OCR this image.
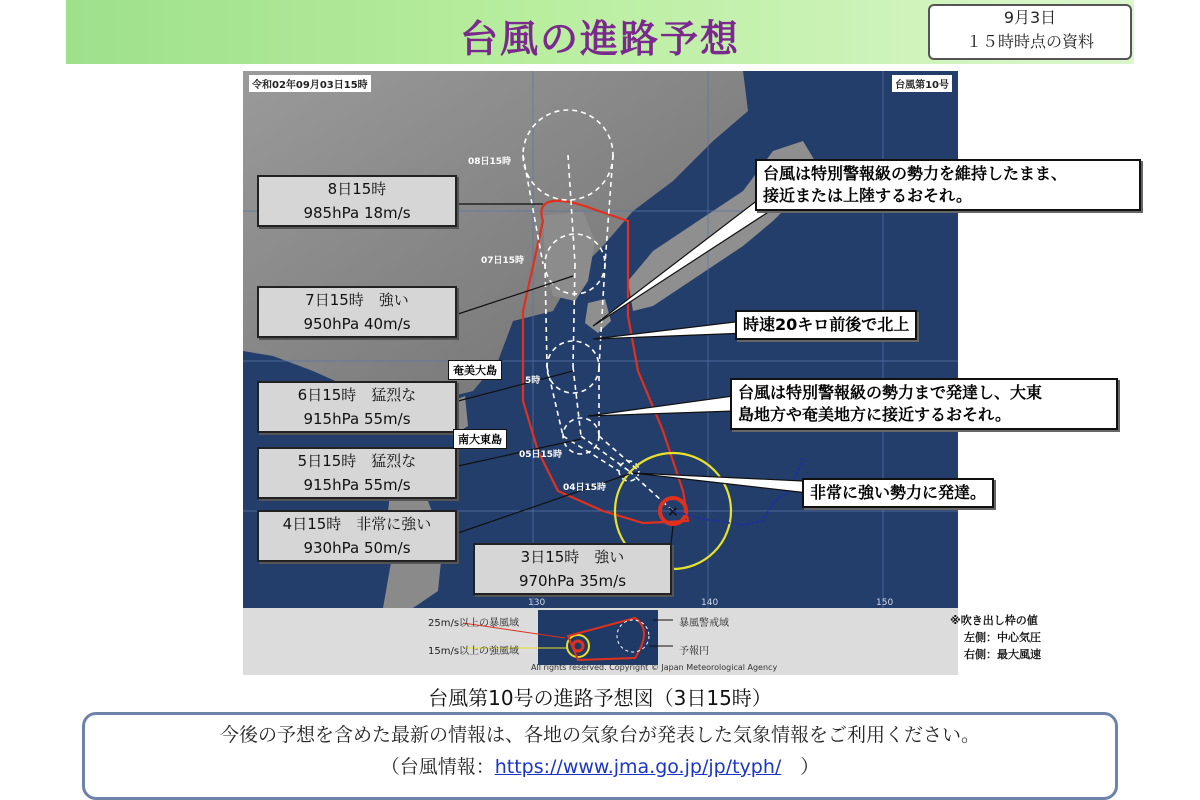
台風の進路予想	9月3日
１５時時点の資料
×
130	140	150
令和02年09月03日15時	台風第10号
08日15時
07日15時
5時
05日15時
04日15時
8日15時
985hPa 18m/s
7日15時　強い
950hPa 40m/s
6日15時　猛烈な
915hPa 55m/s
5日15時　猛烈な
915hPa 55m/s
4日15時　非常に強い
930hPa 50m/s	3日15時　強い
970hPa 35m/s
奄美大島
南大東島
台風は特別警報級の勢力を維持したまま、
接近または上陸するおそれ。
時速20キロ前後で北上
台風は特別警報級の勢力まで発達し、大東
島地方や奄美地方に接近するおそれ。
非常に強い勢力に発達。
25m/s以上の暴風域
15m/s以上の強風域
暴風警戒域
予報円
All rights reserved. Copyright © Japan Meteorological Agency
※吹き出し枠の値
左側：中心気圧
右側：最大風速
台風第10号の進路予想図（3日15時）
今後の予想を含めた最新の情報は、各地の気象台が発表した気象情報をご利用ください。
（台風情報：https://www.jma.go.jp/jp/typh/　）
